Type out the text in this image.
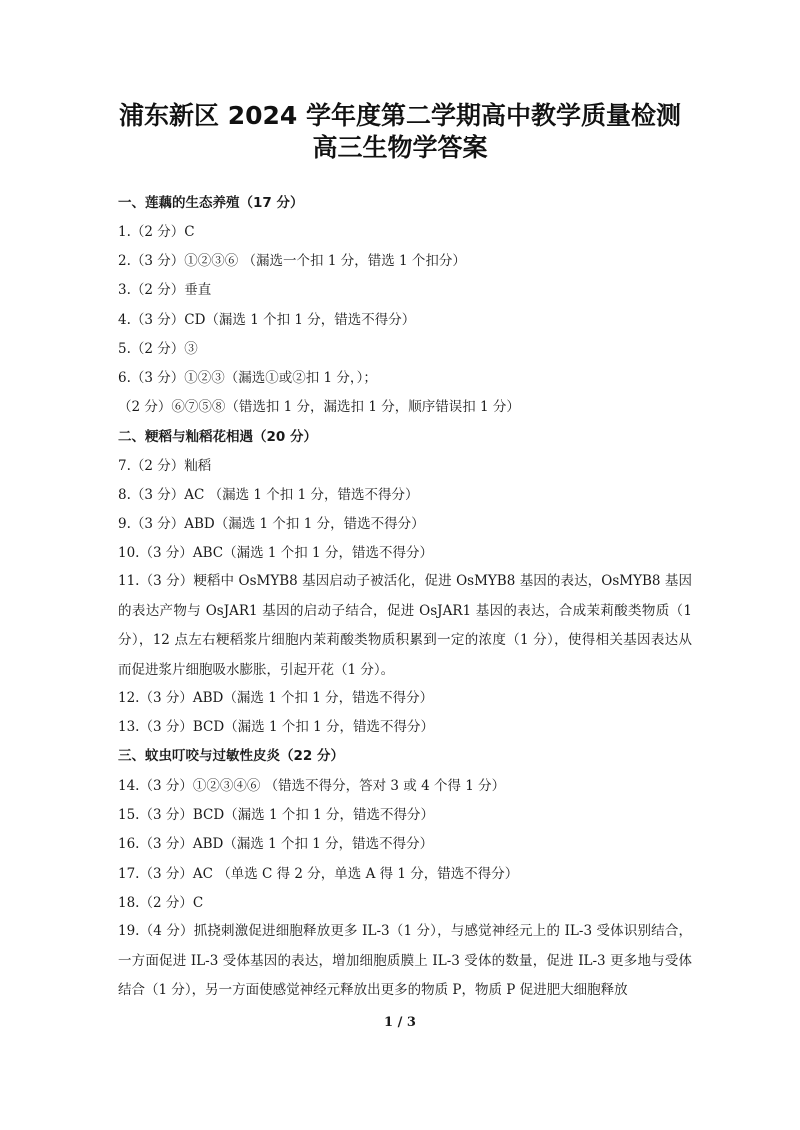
浦东新区 2024 学年度第二学期高中教学质量检测
高三生物学答案
一、莲藕的生态养殖（17 分）
1.（2 分）C
2.（3 分）①②③⑥ （漏选一个扣 1 分，错选 1 个扣分）
3.（2 分）垂直
4.（3 分）CD（漏选 1 个扣 1 分，错选不得分）
5.（2 分）③
6.（3 分）①②③（漏选①或②扣 1 分，）；
（2 分）⑥⑦⑤⑧（错选扣 1 分，漏选扣 1 分，顺序错误扣 1 分）
二、粳稻与籼稻花相遇（20 分）
7.（2 分）籼稻
8.（3 分）AC （漏选 1 个扣 1 分，错选不得分）
9.（3 分）ABD（漏选 1 个扣 1 分，错选不得分）
10.（3 分）ABC（漏选 1 个扣 1 分，错选不得分）
11.（3 分）粳稻中 OsMYB8 基因启动子被活化，促进 OsMYB8 基因的表达，OsMYB8 基因的表达产物与 OsJAR1 基因的启动子结合，促进 OsJAR1 基因的表达，合成茉莉酸类物质（1 分），12 点左右粳稻浆片细胞内茉莉酸类物质积累到一定的浓度（1 分），使得相关基因表达从而促进浆片细胞吸水膨胀，引起开花（1 分）。
12.（3 分）ABD（漏选 1 个扣 1 分，错选不得分）
13.（3 分）BCD（漏选 1 个扣 1 分，错选不得分）
三、蚊虫叮咬与过敏性皮炎（22 分）
14.（3 分）①②③④⑥ （错选不得分，答对 3 或 4 个得 1 分）
15.（3 分）BCD（漏选 1 个扣 1 分，错选不得分）
16.（3 分）ABD（漏选 1 个扣 1 分，错选不得分）
17.（3 分）AC （单选 C 得 2 分，单选 A 得 1 分，错选不得分）
18.（2 分）C
19.（4 分）抓挠刺激促进细胞释放更多 IL-3（1 分），与感觉神经元上的 IL-3 受体识别结合，一方面促进 IL-3 受体基因的表达，增加细胞质膜上 IL-3 受体的数量，促进 IL-3 更多地与受体结合（1 分），另一方面使感觉神经元释放出更多的物质 P，物质 P 促进肥大细胞释放
1 / 3
